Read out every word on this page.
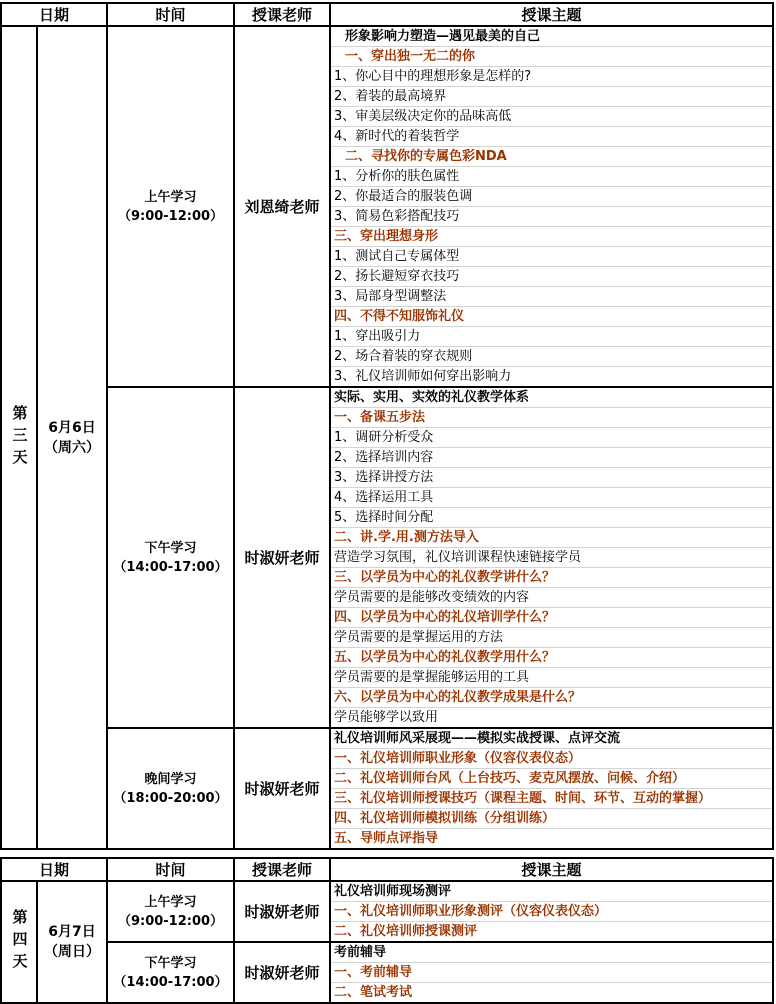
日期		时间	授课老师	授课主题

第三天	6月6日
（周六）

上午学习
（9:00-12:00）	刘恩绮老师	
形象影响力塑造—遇见最美的自己
一、穿出独一无二的你
1、你心目中的理想形象是怎样的?
2、着装的最高境界
3、审美层级决定你的品味高低
4、新时代的着装哲学
二、寻找你的专属色彩NDA
1、分析你的肤色属性
2、你最适合的服装色调
3、简易色彩搭配技巧
三、穿出理想身形
1、测试自己专属体型
2、扬长避短穿衣技巧
3、局部身型调整法
四、不得不知服饰礼仪
1、穿出吸引力
2、场合着装的穿衣规则
3、礼仪培训师如何穿出影响力

下午学习
（14:00-17:00）	时淑妍老师	
实际、实用、实效的礼仪教学体系
一、备课五步法
1、调研分析受众
2、选择培训内容
3、选择讲授方法
4、选择运用工具
5、选择时间分配
二、讲.学.用.测方法导入
营造学习氛围，礼仪培训课程快速链接学员
三、以学员为中心的礼仪教学讲什么？
学员需要的是能够改变绩效的内容
四、以学员为中心的礼仪培训学什么？
学员需要的是掌握运用的方法
五、以学员为中心的礼仪教学用什么？
学员需要的是掌握能够运用的工具
六、以学员为中心的礼仪教学成果是什么？
学员能够学以致用

晚间学习
（18:00-20:00）	时淑妍老师	
礼仪培训师风采展现——模拟实战授课、点评交流
一、礼仪培训师职业形象（仪容仪表仪态）
二、礼仪培训师台风（上台技巧、麦克风摆放、问候、介绍）
三、礼仪培训师授课技巧（课程主题、时间、环节、互动的掌握）
四、礼仪培训师模拟训练（分组训练）
五、导师点评指导
日期		时间	授课老师	授课主题

第四天	6月7日
（周日）

上午学习
（9:00-12:00）	时淑妍老师	
礼仪培训师现场测评
一、礼仪培训师职业形象测评（仪容仪表仪态）
二、礼仪培训师授课测评

下午学习
（14:00-17:00）	时淑妍老师	
考前辅导
一、考前辅导
二、笔试考试
